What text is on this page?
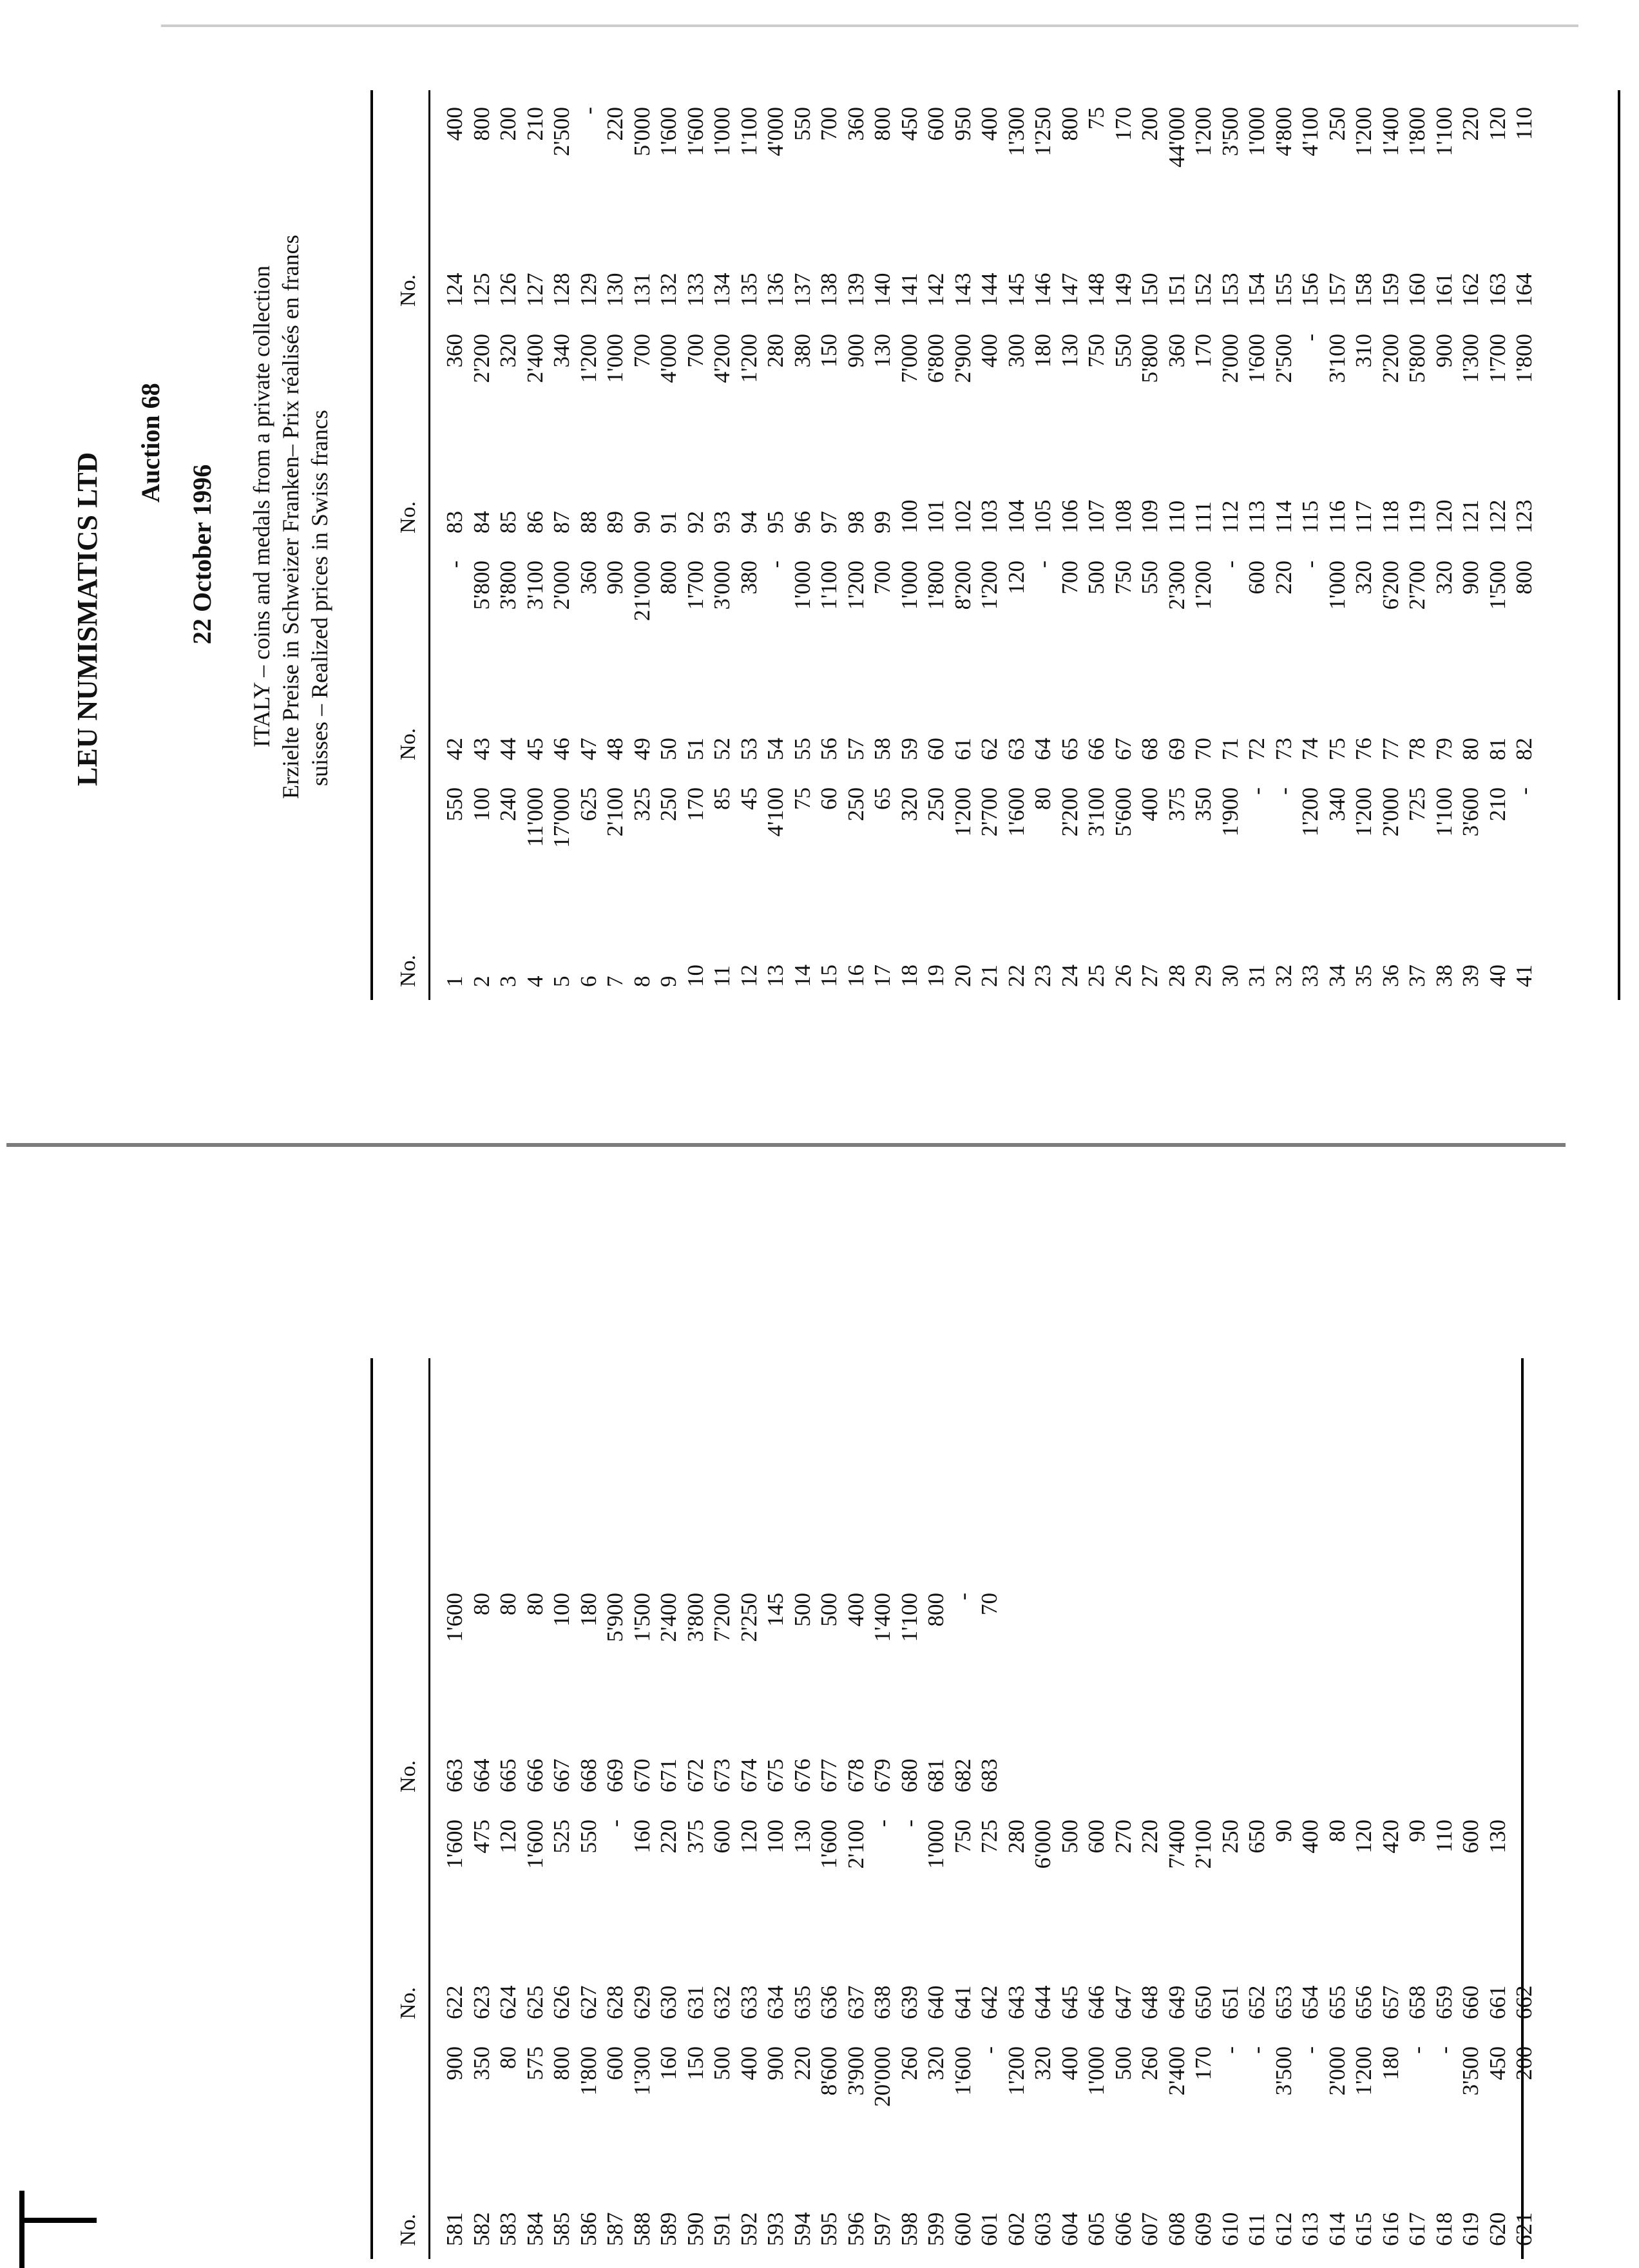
LEU NUMISMATICS LTD
Auction 68
22 October 1996 ITALY – coins and medals from a private collection Erzielte Preise in Schweizer Franken– Prix réalisés en francs suisses – Realized prices in Swiss francs
No. 1
550
2
100
3
240
4
11'000
5
17'000
6
625
7
2'100
8
325
9
250
10
170
11
85
12
45
13
4'100
14
75
15
60
16
250
17
65
18
320
19
250
20
1'200
21
2'700
22
1'600
23
80
24
2'200
25
3'100
26
5'600
27
400
28
375
29
350
30
1'900
31
-
32
-
33
1'200
34
340
35
1'200
36
2'000
37
725
38
1'100
39
3'600
40
210
41
-
No. 42
-
43
5'800
44
3'800
45
3'100
46
2'000
47
360
48
900
49
21'000
50
800
51
1'700
52
3'000
53
380
54
-
55
1'000
56
1'100
57
1'200
58
700
59
1'000
60
1'800
61
8'200
62
1'200
63
120
64
-
65
700
66
500
67
750
68
550
69
2'300
70
1'200
71
-
72
600
73
220
74
-
75
1'000
76
320
77
6'200
78
2'700
79
320
80
900
81
1'500
82
800
No. 83
360
84
2'200
85
320
86
2'400
87
340
88
1'200
89
1'000
90
700
91
4'000
92
700
93
4'200
94
1'200
95
280
96
380
97
150
98
900
99
130
100
7'000
101
6'800
102
2'900
103
400
104
300
105
180
106
130
107
750
108
550
109
5'800
110
360
111
170
112
2'000
113
1'600
114
2'500
115
-
116
3'100
117
310
118
2'200
119
5'800
120
900
121
1'300
122
1'700
123
1'800
No. 124
400
125
800
126
200
127
210
128
2'500
129
-
130
220
131
5'000
132
1'600
133
1'600
134
1'000
135
1'100
136
4'000
137
550
138
700
139
360
140
800
141
450
142
600
143
950
144
400
145
1'300
146
1'250
147
800
148
75
149
170
150
200
151
44'000
152
1'200
153
3'500
154
1'000
155
4'800
156
4'100
157
250
158
1'200
159
1'400
160
1'800
161
1'100
162
220
163
120
164
110
No. 581
900
582
350
583
80
584
575
585
800
586
1'800
587
600
588
1'300
589
160
590
150
591
500
592
400
593
900
594
220
595
8'600
596
3'900
597
20'000
598
260
599
320
600
1'600
601
-
602
1'200
603
320
604
400
605
1'000
606
500
607
260
608
2'400
609
170
610
-
611
-
612
3'500
613
-
614
2'000
615
1'200
616
180
617
-
618
-
619
3'500
620
450
621
200
No. 622
1'600
623
475
624
120
625
1'600
626
525
627
550
628
-
629
160
630
220
631
375
632
600
633
120
634
100
635
130
636
1'600
637
2'100
638
-
639
-
640
1'000
641
750
642
725
643
280
644
6'000
645
500
646
600
647
270
648
220
649
7'400
650
2'100
651
250
652
650
653
90
654
400
655
80
656
120
657
420
658
90
659
110
660
600
661
130
662
No. 663
1'600
664
80
665
80
666
80
667
100
668
180
669
5'900
670
1'500
671
2'400
672
3'800
673
7'200
674
2'250
675
145
676
500
677
500
678
400
679
1'400
680
1'100
681
800
682
-
683
70
